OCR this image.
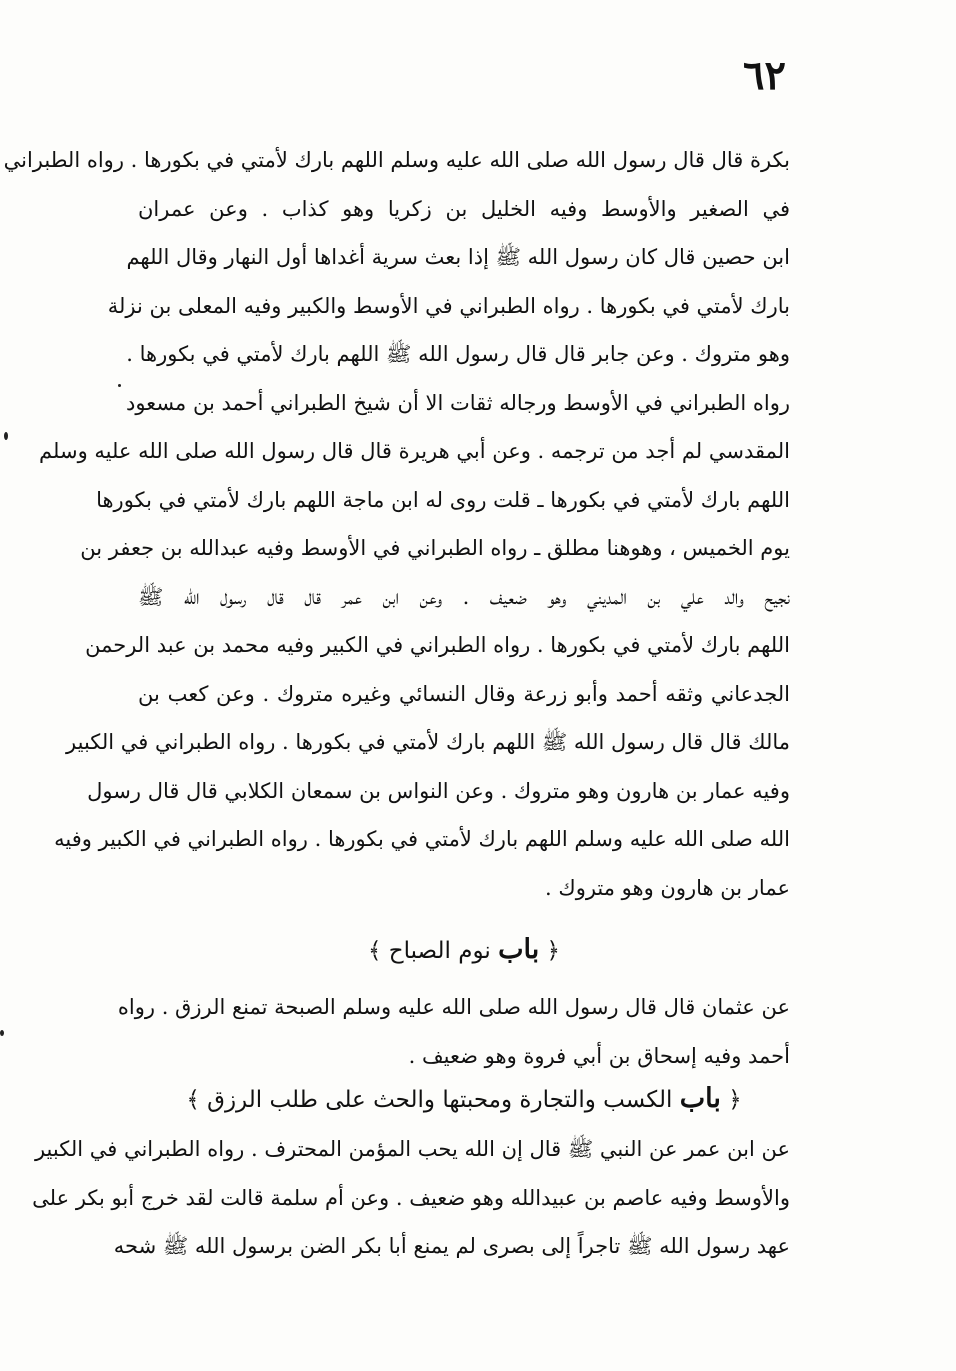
٦٢
بكرة قال قال رسول الله صلى الله عليه وسلم اللهم بارك لأمتي في بكورها . رواه الطبراني
في الصغير والأوسط وفيه الخليل بن زكريا وهو كذاب . وعن عمران
ابن حصين قال كان رسول الله ﷺ إذا بعث سرية أغداها أول النهار وقال اللهم
بارك لأمتي في بكورها . رواه الطبراني في الأوسط والكبير وفيه المعلى بن نزلة
وهو متروك . وعن جابر قال قال رسول الله ﷺ اللهم بارك لأمتي في بكورها .
رواه الطبراني في الأوسط ورجاله ثقات الا أن شيخ الطبراني أحمد بن مسعود
المقدسي لم أجد من ترجمه . وعن أبي هريرة قال قال رسول الله صلى الله عليه وسلم
اللهم بارك لأمتي في بكورها ـ قلت روى له ابن ماجة اللهم بارك لأمتي في بكورها
يوم الخميس ، وهوهنا مطلق ـ رواه الطبراني في الأوسط وفيه عبدالله بن جعفر بن
نجيح والد علي بن المديني وهو ضعيف . وعن ابن عمر قال قال رسول الله ﷺ
اللهم بارك لأمتي في بكورها . رواه الطبراني في الكبير وفيه محمد بن عبد الرحمن
الجدعاني وثقه أحمد وأبو زرعة وقال النسائي وغيره متروك . وعن كعب بن
مالك قال قال رسول الله ﷺ اللهم بارك لأمتي في بكورها . رواه الطبراني في الكبير
وفيه عمار بن هارون وهو متروك . وعن النواس بن سمعان الكلابي قال قال رسول
الله صلى الله عليه وسلم اللهم بارك لأمتي في بكورها . رواه الطبراني في الكبير وفيه
عمار بن هارون وهو متروك .
﴿ باب نوم الصباح ﴾
عن عثمان قال قال رسول الله صلى الله عليه وسلم الصبحة تمنع الرزق . رواه
أحمد وفيه إسحاق بن أبي فروة وهو ضعيف .
﴿ باب الكسب والتجارة ومحبتها والحث على طلب الرزق ﴾
عن ابن عمر عن النبي ﷺ قال إن الله يحب المؤمن المحترف . رواه الطبراني في الكبير
والأوسط وفيه عاصم بن عبيدالله وهو ضعيف . وعن أم سلمة قالت لقد خرج أبو بكر على
عهد رسول الله ﷺ تاجراً إلى بصرى لم يمنع أبا بكر الضن برسول الله ﷺ شحه
